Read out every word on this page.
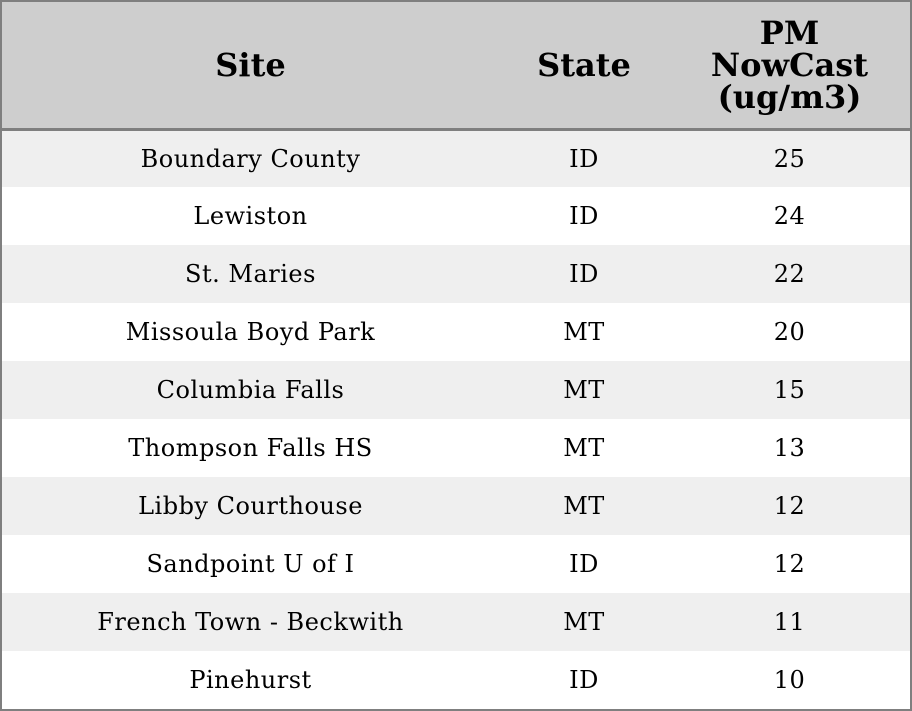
Site	State	PM
NowCast
(ug/m3)
Boundary County	ID	25
Lewiston	ID	24
St. Maries	ID	22
Missoula Boyd Park	MT	20
Columbia Falls	MT	15
Thompson Falls HS	MT	13
Libby Courthouse	MT	12
Sandpoint U of I	ID	12
French Town - Beckwith	MT	11
Pinehurst	ID	10
